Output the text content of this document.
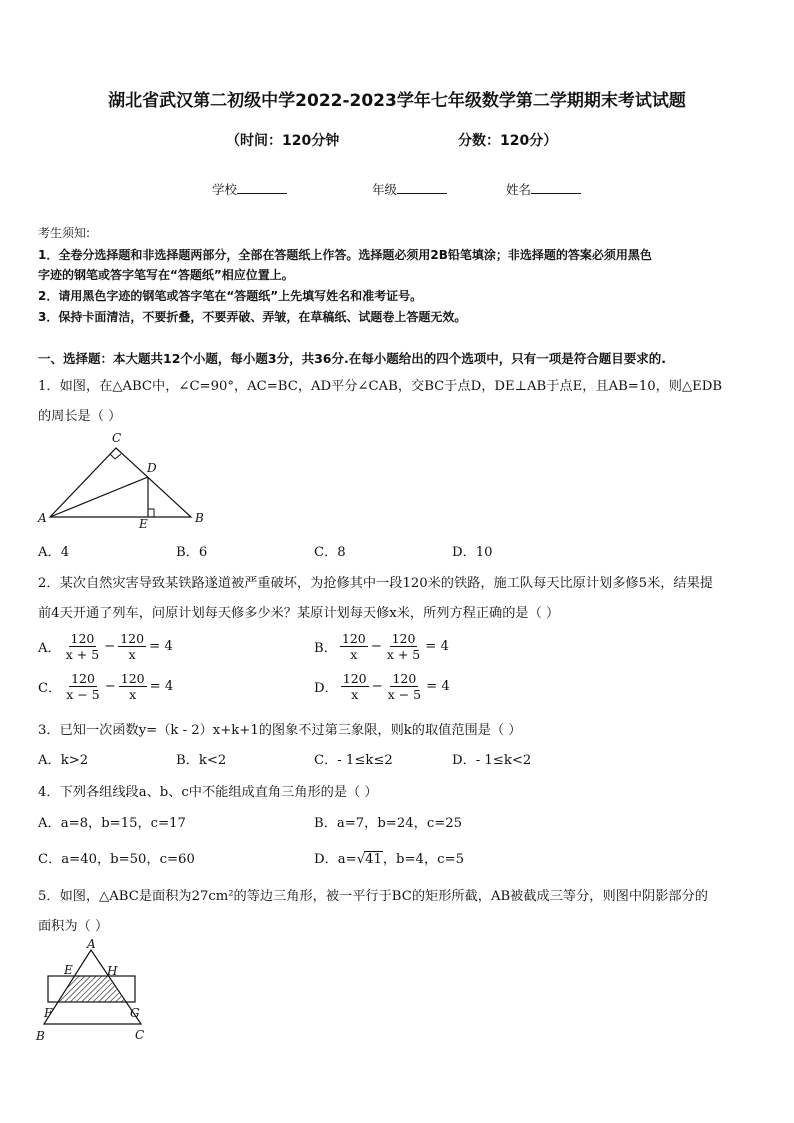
湖北省武汉第二初级中学2022-2023学年七年级数学第二学期期末考试试题
（时间：120分钟	分数：120分）
学校	年级	姓名
考生须知:
1．全卷分选择题和非选择题两部分，全部在答题纸上作答。选择题必须用2B铅笔填涂；非选择题的答案必须用黑色
字迹的钢笔或答字笔写在“答题纸”相应位置上。
2．请用黑色字迹的钢笔或答字笔在“答题纸”上先填写姓名和准考证号。
3．保持卡面清洁，不要折叠，不要弄破、弄皱，在草稿纸、试题卷上答题无效。
一、选择题：本大题共12个小题，每小题3分，共36分.在每小题给出的四个选项中，只有一项是符合题目要求的.
1．如图，在△ABC中，∠C=90°，AC=BC，AD平分∠CAB，交BC于点D，DE⊥AB于点E，且AB=10，则△EDB
的周长是（ ）
A
C
D
E	B
A．4	B．6	C．8	D．10
2．某次自然灾害导致某铁路遂道被严重破坏，为抢修其中一段120米的铁路，施工队每天比原计划多修5米，结果提
前4天开通了列车，问原计划每天修多少米？某原计划每天修x米，所列方程正确的是（ ）
A． $\frac{120}{x + 5} - \frac{120}{x} = 4$	B． $\frac{120}{x} - \frac{120}{x + 5} = 4$
C． $\frac{120}{x - 5} - \frac{120}{x} = 4$	D． $\frac{120}{x} - \frac{120}{x - 5} = 4$
3．已知一次函数y=（k - 2）x+k+1的图象不过第三象限，则k的取值范围是（ ）
A．k>2	B．k<2	C．- 1≤k≤2	D．- 1≤k<2
4．下列各组线段a、b、c中不能组成直角三角形的是（ ）
A．a=8，b=15，c=17	B．a=7，b=24，c=25
C．a=40，b=50，c=60	D．a=√41，b=4，c=5
5．如图，△ABC是面积为27cm²的等边三角形，被一平行于BC的矩形所截，AB被截成三等分，则图中阴影部分的
面积为（ ）
A
E	H
F	G
B	C
